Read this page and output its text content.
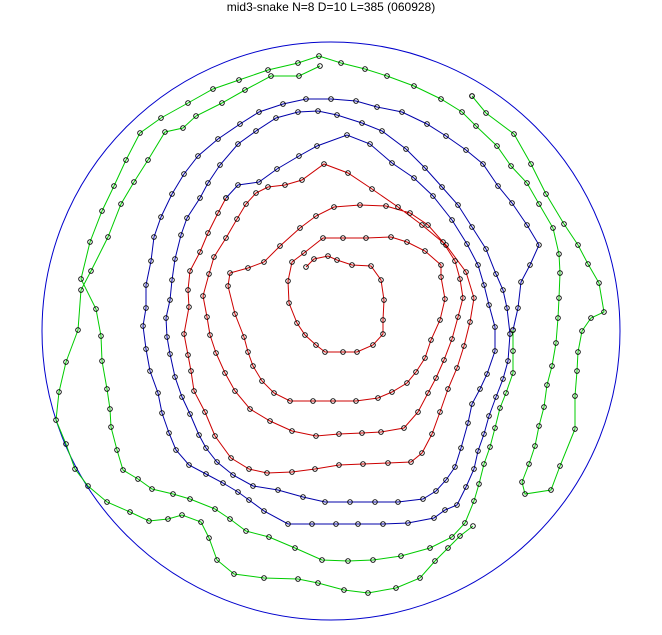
mid3-snake N=8 D=10 L=385 (060928)
